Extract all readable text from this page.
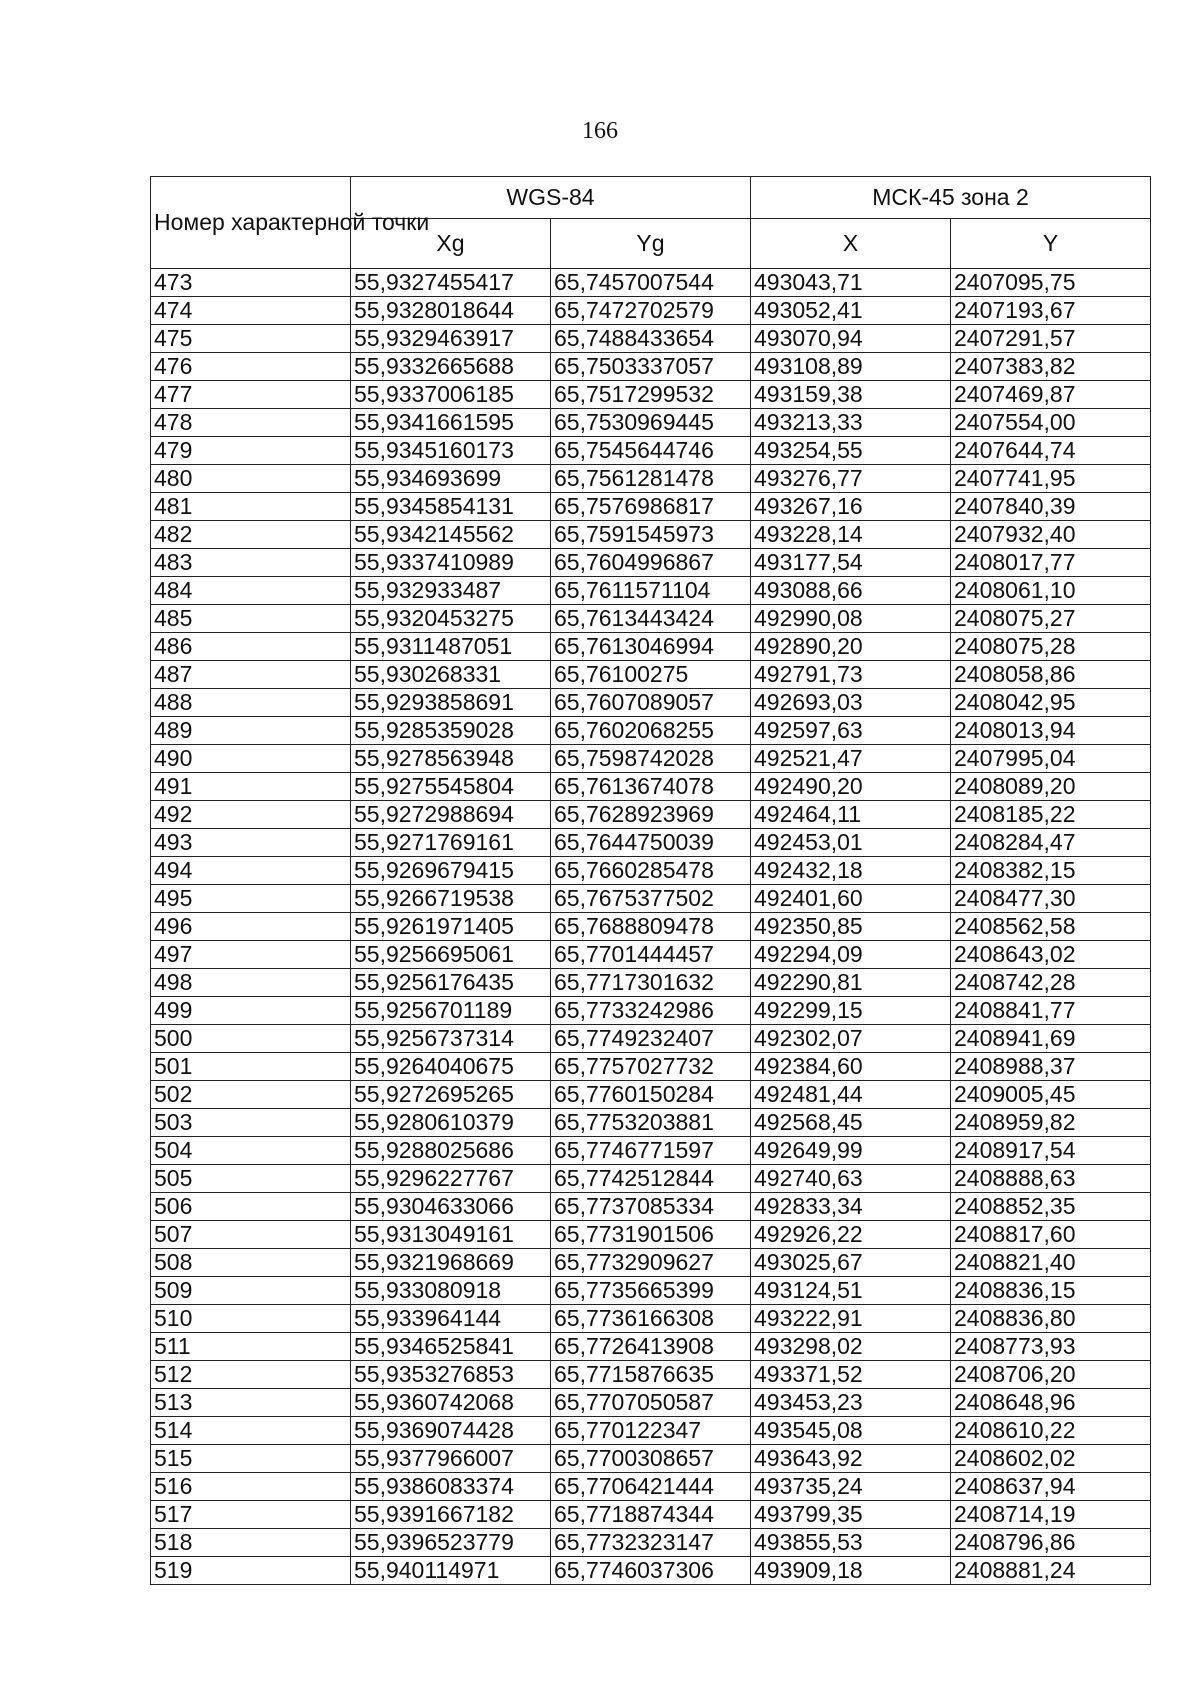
166
Номер характерной точки	WGS-84		МСК-45 зона 2	
	Xg	Yg	X	Y
473	55,9327455417	65,7457007544	493043,71	2407095,75
474	55,9328018644	65,7472702579	493052,41	2407193,67
475	55,9329463917	65,7488433654	493070,94	2407291,57
476	55,9332665688	65,7503337057	493108,89	2407383,82
477	55,9337006185	65,7517299532	493159,38	2407469,87
478	55,9341661595	65,7530969445	493213,33	2407554,00
479	55,9345160173	65,7545644746	493254,55	2407644,74
480	55,934693699	65,7561281478	493276,77	2407741,95
481	55,9345854131	65,7576986817	493267,16	2407840,39
482	55,9342145562	65,7591545973	493228,14	2407932,40
483	55,9337410989	65,7604996867	493177,54	2408017,77
484	55,932933487	65,7611571104	493088,66	2408061,10
485	55,9320453275	65,7613443424	492990,08	2408075,27
486	55,9311487051	65,7613046994	492890,20	2408075,28
487	55,930268331	65,76100275	492791,73	2408058,86
488	55,9293858691	65,7607089057	492693,03	2408042,95
489	55,9285359028	65,7602068255	492597,63	2408013,94
490	55,9278563948	65,7598742028	492521,47	2407995,04
491	55,9275545804	65,7613674078	492490,20	2408089,20
492	55,9272988694	65,7628923969	492464,11	2408185,22
493	55,9271769161	65,7644750039	492453,01	2408284,47
494	55,9269679415	65,7660285478	492432,18	2408382,15
495	55,9266719538	65,7675377502	492401,60	2408477,30
496	55,9261971405	65,7688809478	492350,85	2408562,58
497	55,9256695061	65,7701444457	492294,09	2408643,02
498	55,9256176435	65,7717301632	492290,81	2408742,28
499	55,9256701189	65,7733242986	492299,15	2408841,77
500	55,9256737314	65,7749232407	492302,07	2408941,69
501	55,9264040675	65,7757027732	492384,60	2408988,37
502	55,9272695265	65,7760150284	492481,44	2409005,45
503	55,9280610379	65,7753203881	492568,45	2408959,82
504	55,9288025686	65,7746771597	492649,99	2408917,54
505	55,9296227767	65,7742512844	492740,63	2408888,63
506	55,9304633066	65,7737085334	492833,34	2408852,35
507	55,9313049161	65,7731901506	492926,22	2408817,60
508	55,9321968669	65,7732909627	493025,67	2408821,40
509	55,933080918	65,7735665399	493124,51	2408836,15
510	55,933964144	65,7736166308	493222,91	2408836,80
511	55,9346525841	65,7726413908	493298,02	2408773,93
512	55,9353276853	65,7715876635	493371,52	2408706,20
513	55,9360742068	65,7707050587	493453,23	2408648,96
514	55,9369074428	65,770122347	493545,08	2408610,22
515	55,9377966007	65,7700308657	493643,92	2408602,02
516	55,9386083374	65,7706421444	493735,24	2408637,94
517	55,9391667182	65,7718874344	493799,35	2408714,19
518	55,9396523779	65,7732323147	493855,53	2408796,86
519	55,940114971	65,7746037306	493909,18	2408881,24
